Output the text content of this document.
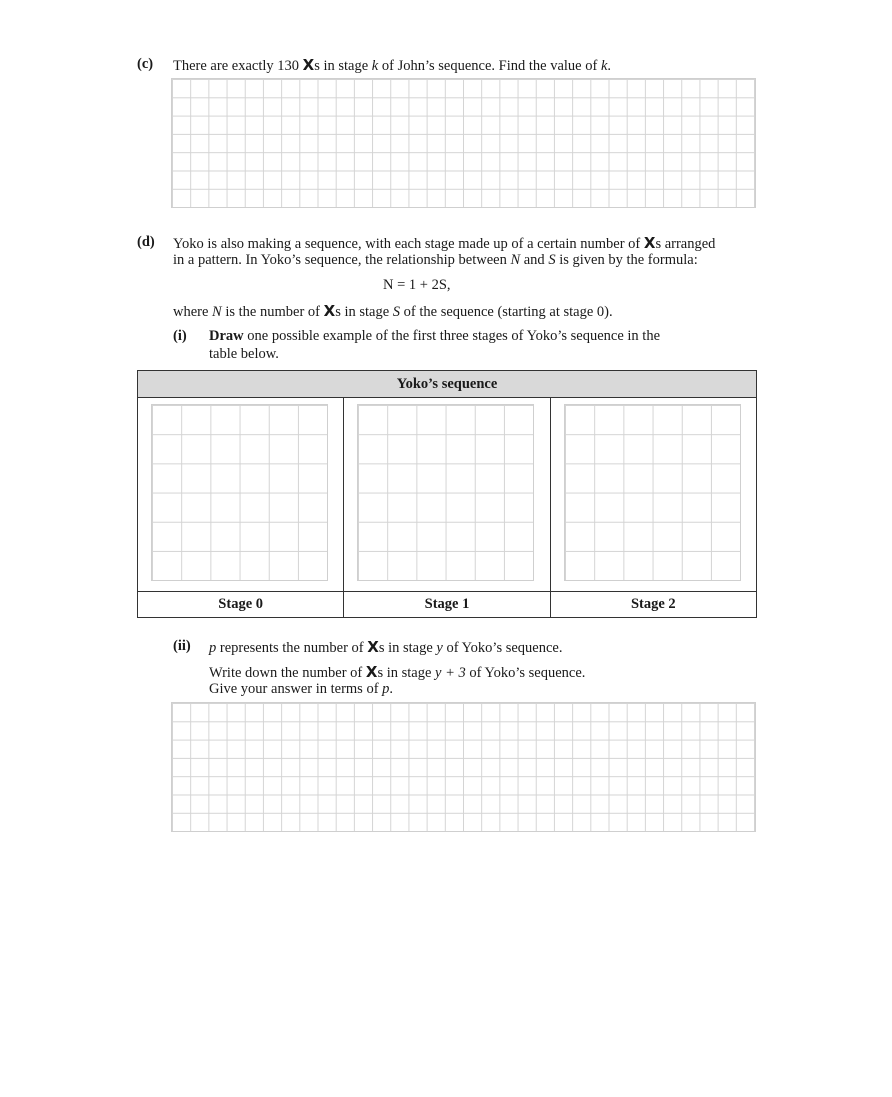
(c) There are exactly 130 Xs in stage k of John’s sequence. Find the value of k.
(d) Yoko is also making a sequence, with each stage made up of a certain number of Xs arranged
in a pattern. In Yoko’s sequence, the relationship between N and S is given by the formula:
N = 1 + 2S,
where N is the number of Xs in stage S of the sequence (starting at stage 0).
(i) Draw one possible example of the first three stages of Yoko’s sequence in the
table below.
Yoko’s sequence		

Stage 0	Stage 1	Stage 2
(ii) p represents the number of Xs in stage y of Yoko’s sequence.
Write down the number of Xs in stage y + 3 of Yoko’s sequence.
Give your answer in terms of p.
